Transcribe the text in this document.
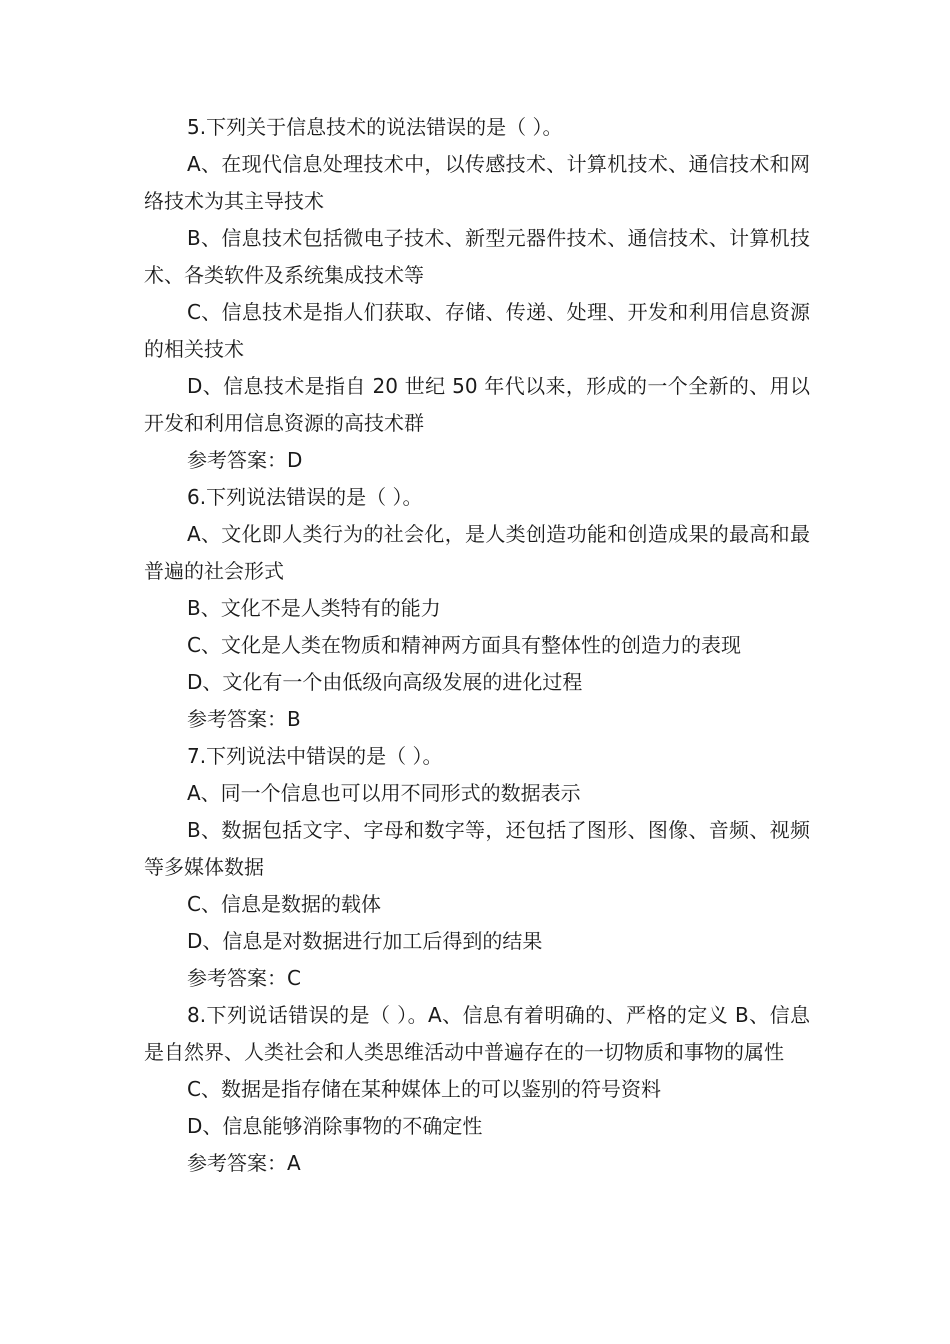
5.下列关于信息技术的说法错误的是（ ）。

A、在现代信息处理技术中，以传感技术、计算机技术、通信技术和网络技术为其主导技术

B、信息技术包括微电子技术、新型元器件技术、通信技术、计算机技术、各类软件及系统集成技术等

C、信息技术是指人们获取、存储、传递、处理、开发和利用信息资源的相关技术

D、信息技术是指自 20 世纪 50 年代以来，形成的一个全新的、用以开发和利用信息资源的高技术群

参考答案：D

6.下列说法错误的是（ ）。

A、文化即人类行为的社会化，是人类创造功能和创造成果的最高和最普遍的社会形式

B、文化不是人类特有的能力

C、文化是人类在物质和精神两方面具有整体性的创造力的表现

D、文化有一个由低级向高级发展的进化过程

参考答案：B

7.下列说法中错误的是（ ）。

A、同一个信息也可以用不同形式的数据表示

B、数据包括文字、字母和数字等，还包括了图形、图像、音频、视频等多媒体数据

C、信息是数据的载体

D、信息是对数据进行加工后得到的结果

参考答案：C

8.下列说话错误的是（ ）。A、信息有着明确的、严格的定义 B、信息是自然界、人类社会和人类思维活动中普遍存在的一切物质和事物的属性

C、数据是指存储在某种媒体上的可以鉴别的符号资料

D、信息能够消除事物的不确定性

参考答案：A
